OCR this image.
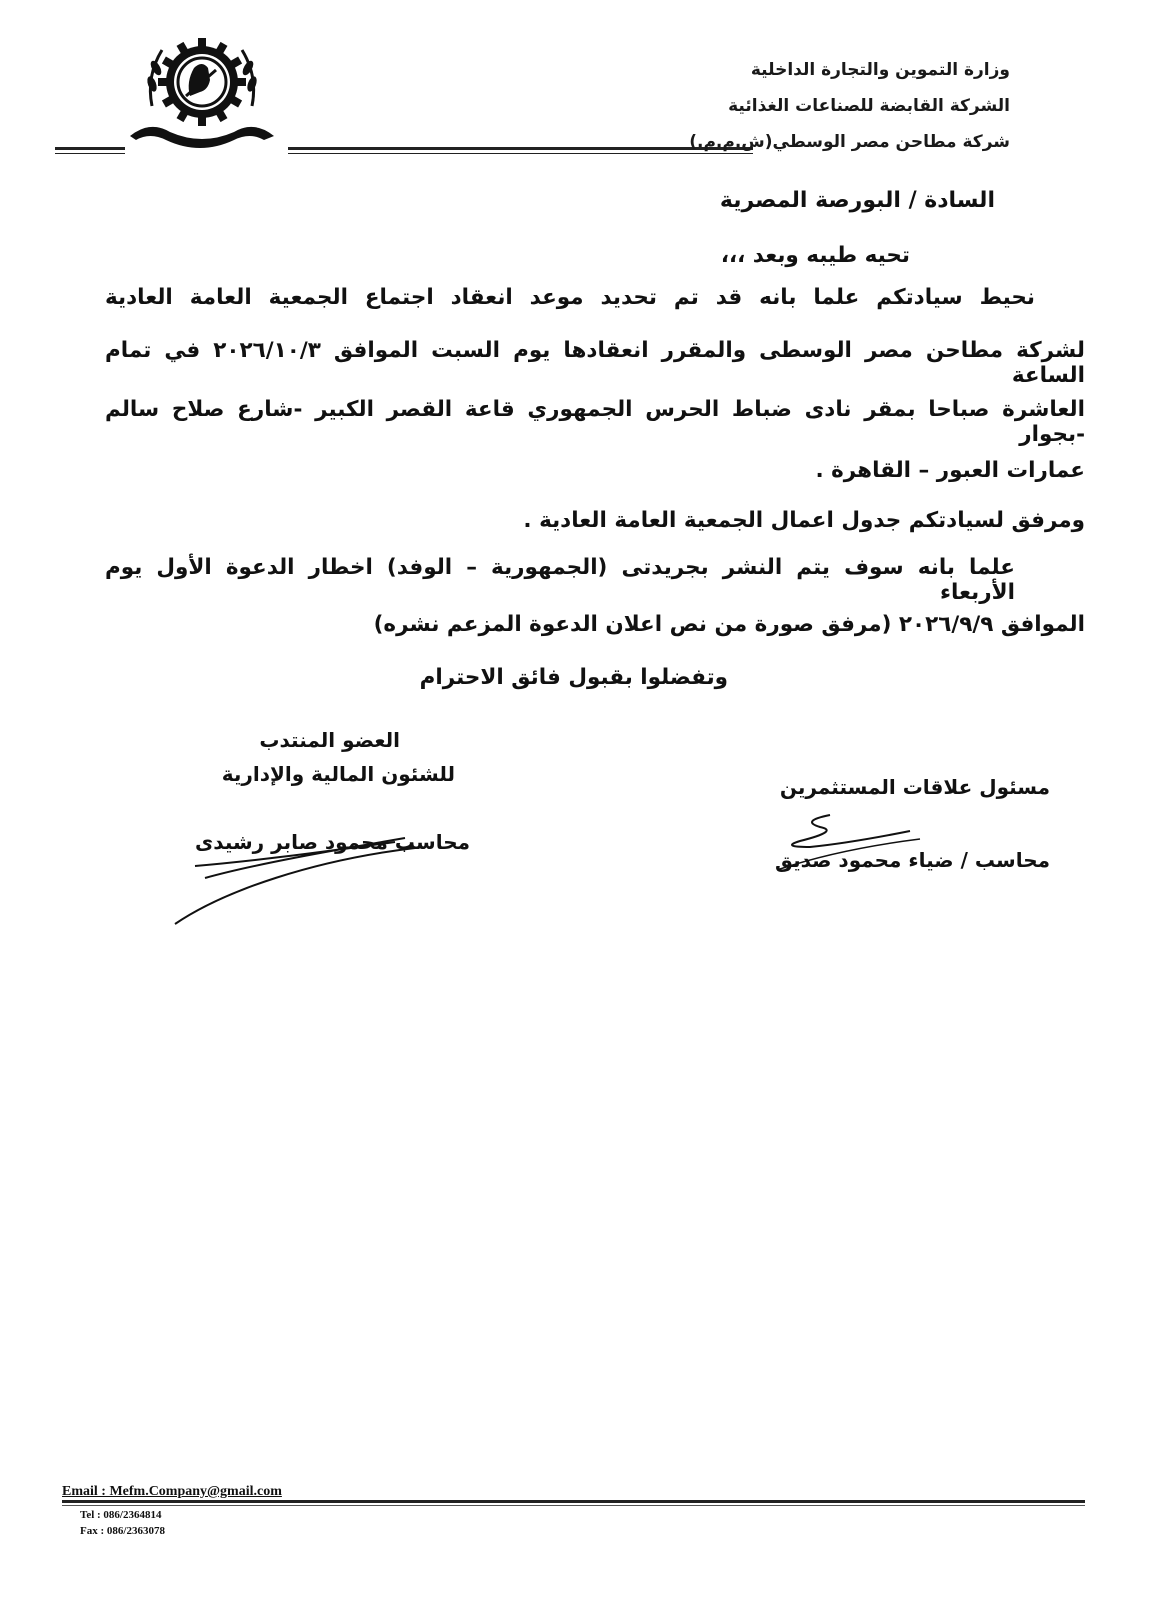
وزارة التموين والتجارة الداخلية
الشركة القابضة للصناعات الغذائية
شركة مطاحن مصر الوسطي(ش.م.م.)
السادة / البورصة المصرية
تحيه طيبه وبعد ،،،
نحيط سيادتكم علما بانه قد تم تحديد موعد انعقاد اجتماع الجمعية العامة العادية
لشركة مطاحن مصر الوسطى والمقرر انعقادها يوم السبت الموافق ٢٠٢٦/١٠/٣ في تمام الساعة
العاشرة صباحا بمقر نادى ضباط الحرس الجمهوري قاعة القصر الكبير -شارع صلاح سالم -بجوار
عمارات العبور – القاهرة .
ومرفق لسيادتكم جدول اعمال الجمعية العامة العادية .
علما بانه سوف يتم النشر بجريدتى (الجمهورية – الوفد) اخطار الدعوة الأول يوم الأربعاء
الموافق ٢٠٢٦/٩/٩ (مرفق صورة من نص اعلان الدعوة المزعم نشره)
وتفضلوا بقبول فائق الاحترام
العضو المنتدب
للشئون المالية والإدارية
محاسب محمود صابر رشيدى
مسئول علاقات المستثمرين
محاسب / ضياء محمود صديق
Email : Mefm.Company@gmail.com
Tel : 086/2364814
Fax : 086/2363078
